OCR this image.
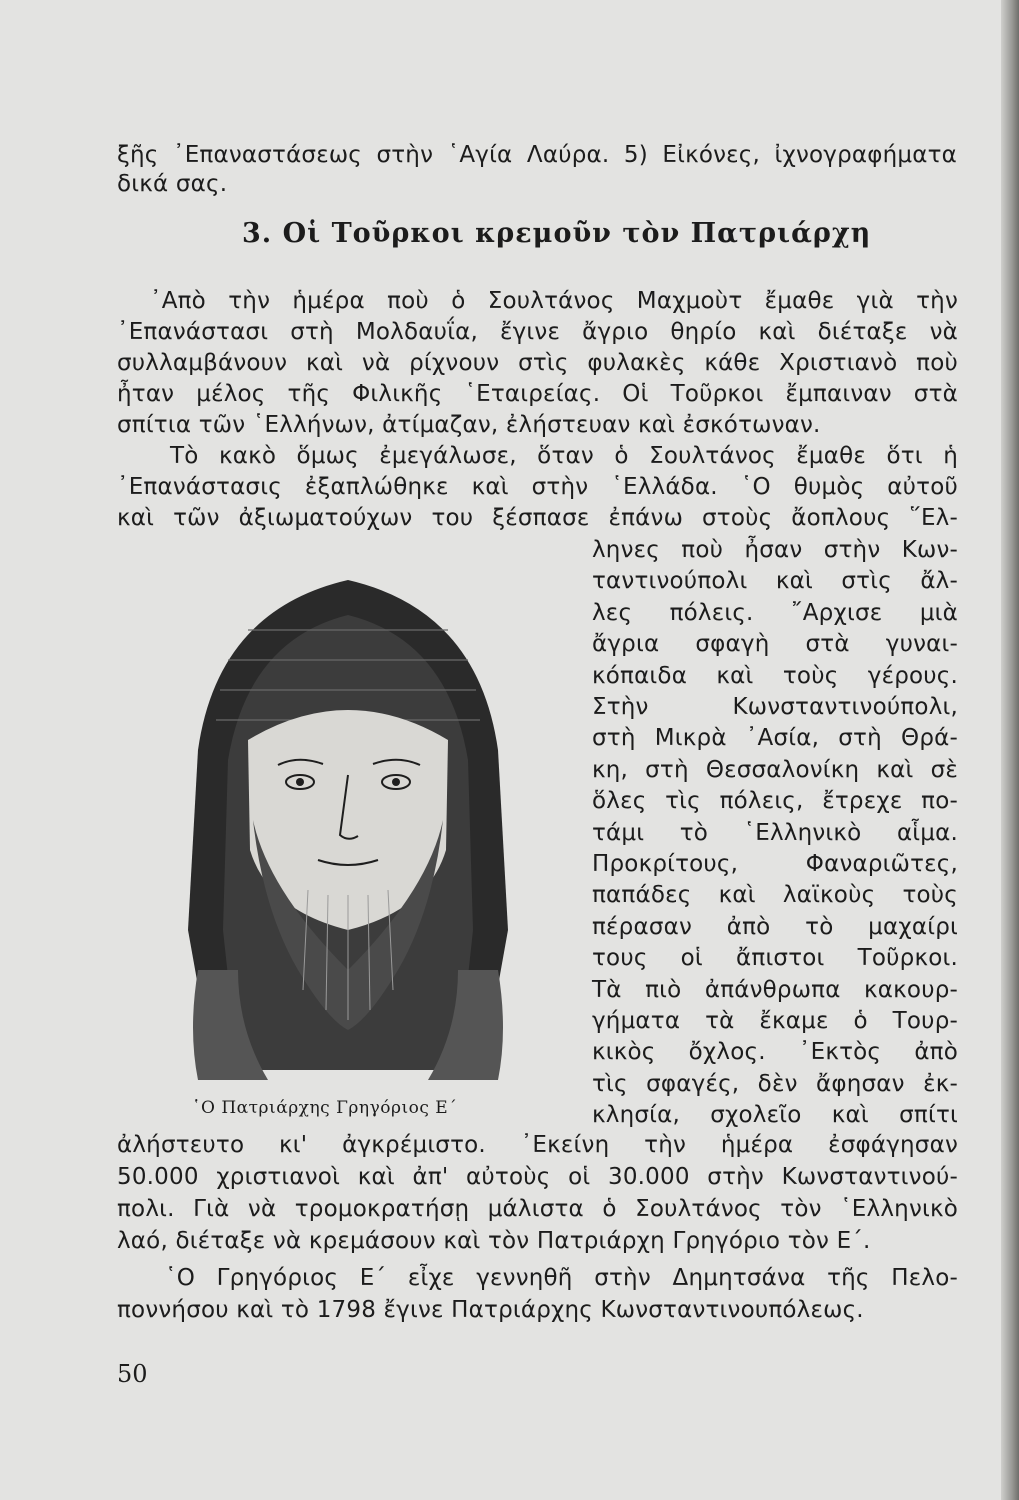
ξῆς ᾿Επαναστάσεως στὴν ῾Αγία Λαύρα. 5) Εἰκόνες, ἰχνογραφήματα
δικά σας.
3. Οἱ Τοῦρκοι κρεμοῦν τὸν Πατριάρχη
᾿Απὸ τὴν ἡμέρα ποὺ ὁ Σουλτάνος Μαχμοὺτ ἔμαθε γιὰ τὴν
᾿Επανάστασι στὴ Μολδαυΐα, ἔγινε ἄγριο θηρίο καὶ διέταξε νὰ
συλλαμβάνουν καὶ νὰ ρίχνουν στὶς φυλακὲς κάθε Χριστιανὸ ποὺ
ἦταν μέλος τῆς Φιλικῆς ῾Εταιρείας. Οἱ Τοῦρκοι ἔμπαιναν στὰ
σπίτια τῶν ῾Ελλήνων, ἀτίμαζαν, ἐλήστευαν καὶ ἐσκότωναν.
Τὸ κακὸ ὅμως ἐμεγάλωσε, ὅταν ὁ Σουλτάνος ἔμαθε ὅτι ἡ
᾿Επανάστασις ἐξαπλώθηκε καὶ στὴν ῾Ελλάδα. ῾Ο θυμὸς αὐτοῦ
καὶ τῶν ἀξιωματούχων του ξέσπασε ἐπάνω στοὺς ἄοπλους ῞Ελ-
ληνες ποὺ ἦσαν στὴν Κων-
ταντινούπολι καὶ στὶς ἄλ-
λες πόλεις. ῎Αρχισε μιὰ
ἄγρια σφαγὴ στὰ γυναι-
κόπαιδα καὶ τοὺς γέρους.
Στὴν Κωνσταντινούπολι,
στὴ Μικρὰ ᾿Ασία, στὴ Θρά-
κη, στὴ Θεσσαλονίκη καὶ σὲ
ὅλες τὶς πόλεις, ἔτρεχε πο-
τάμι τὸ ῾Ελληνικὸ αἷμα.
Προκρίτους, Φαναριῶτες,
παπάδες καὶ λαϊκοὺς τοὺς
πέρασαν ἀπὸ τὸ μαχαίρι
τους οἱ ἄπιστοι Τοῦρκοι.
Τὰ πιὸ ἀπάνθρωπα κακουρ-
γήματα τὰ ἔκαμε ὁ Τουρ-
κικὸς ὄχλος. ᾿Εκτὸς ἀπὸ
τὶς σφαγές, δὲν ἄφησαν ἐκ-
κλησία, σχολεῖο καὶ σπίτι
῾Ο Πατριάρχης Γρηγόριος Ε΄
ἀλήστευτο κι' ἀγκρέμιστο. ᾿Εκείνη τὴν ἡμέρα ἐσφάγησαν
50.000 χριστιανοὶ καὶ ἀπ' αὐτοὺς οἱ 30.000 στὴν Κωνσταντινού-
πολι. Γιὰ νὰ τρομοκρατήσῃ μάλιστα ὁ Σουλτάνος τὸν ῾Ελληνικὸ
λαό, διέταξε νὰ κρεμάσουν καὶ τὸν Πατριάρχη Γρηγόριο τὸν Ε΄.
῾Ο Γρηγόριος Ε΄ εἶχε γεννηθῆ στὴν Δημητσάνα τῆς Πελο-
ποννήσου καὶ τὸ 1798 ἔγινε Πατριάρχης Κωνσταντινουπόλεως.
50
